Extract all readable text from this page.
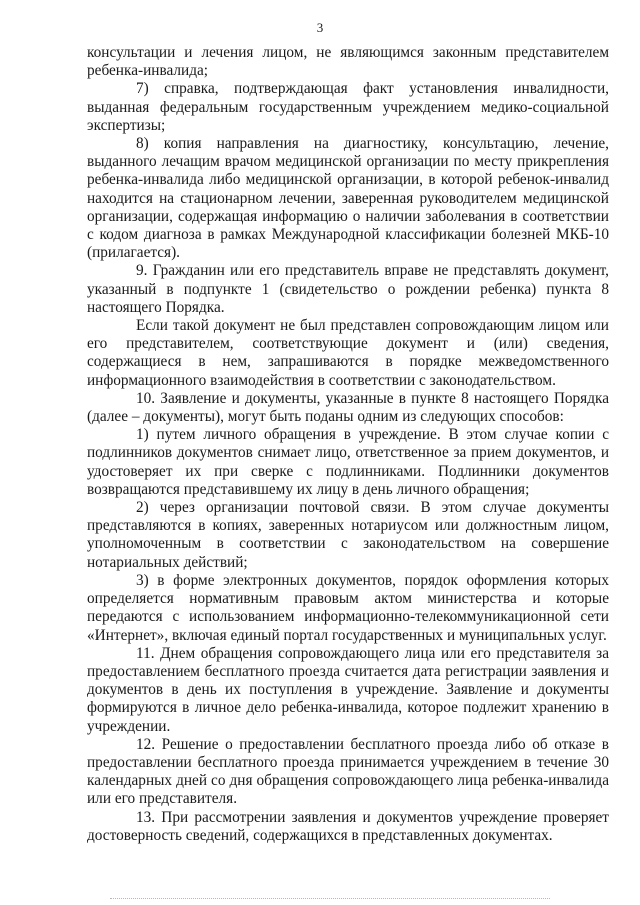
3

консультации и лечения лицом, не являющимся законным представителем ребенка-инвалида;

7) справка, подтверждающая факт установления инвалидности, выданная федеральным государственным учреждением медико-социальной экспертизы;

8) копия направления на диагностику, консультацию, лечение, выданного лечащим врачом медицинской организации по месту прикрепления ребенка-инвалида либо медицинской организации, в которой ребенок-инвалид находится на стационарном лечении, заверенная руководителем медицинской организации, содержащая информацию о наличии заболевания в соответствии с кодом диагноза в рамках Международной классификации болезней МКБ-10 (прилагается).

9. Гражданин или его представитель вправе не представлять документ, указанный в подпункте 1 (свидетельство о рождении ребенка) пункта 8 настоящего Порядка.

Если такой документ не был представлен сопровождающим лицом или его представителем, соответствующие документ и (или) сведения, содержащиеся в нем, запрашиваются в порядке межведомственного информационного взаимодействия в соответствии с законодательством.

10. Заявление и документы, указанные в пункте 8 настоящего Порядка (далее – документы), могут быть поданы одним из следующих способов:

1) путем личного обращения в учреждение. В этом случае копии с подлинников документов снимает лицо, ответственное за прием документов, и удостоверяет их при сверке с подлинниками. Подлинники документов возвращаются представившему их лицу в день личного обращения;

2) через организации почтовой связи. В этом случае документы представляются в копиях, заверенных нотариусом или должностным лицом, уполномоченным в соответствии с законодательством на совершение нотариальных действий;

3) в форме электронных документов, порядок оформления которых определяется нормативным правовым актом министерства и которые передаются с использованием информационно-телекоммуникационной сети «Интернет», включая единый портал государственных и муниципальных услуг.

11. Днем обращения сопровождающего лица или его представителя за предоставлением бесплатного проезда считается дата регистрации заявления и документов в день их поступления в учреждение. Заявление и документы формируются в личное дело ребенка-инвалида, которое подлежит хранению в учреждении.

12. Решение о предоставлении бесплатного проезда либо об отказе в предоставлении бесплатного проезда принимается учреждением в течение 30 календарных дней со дня обращения сопровождающего лица ребенка-инвалида или его представителя.

13. При рассмотрении заявления и документов учреждение проверяет достоверность сведений, содержащихся в представленных документах.
